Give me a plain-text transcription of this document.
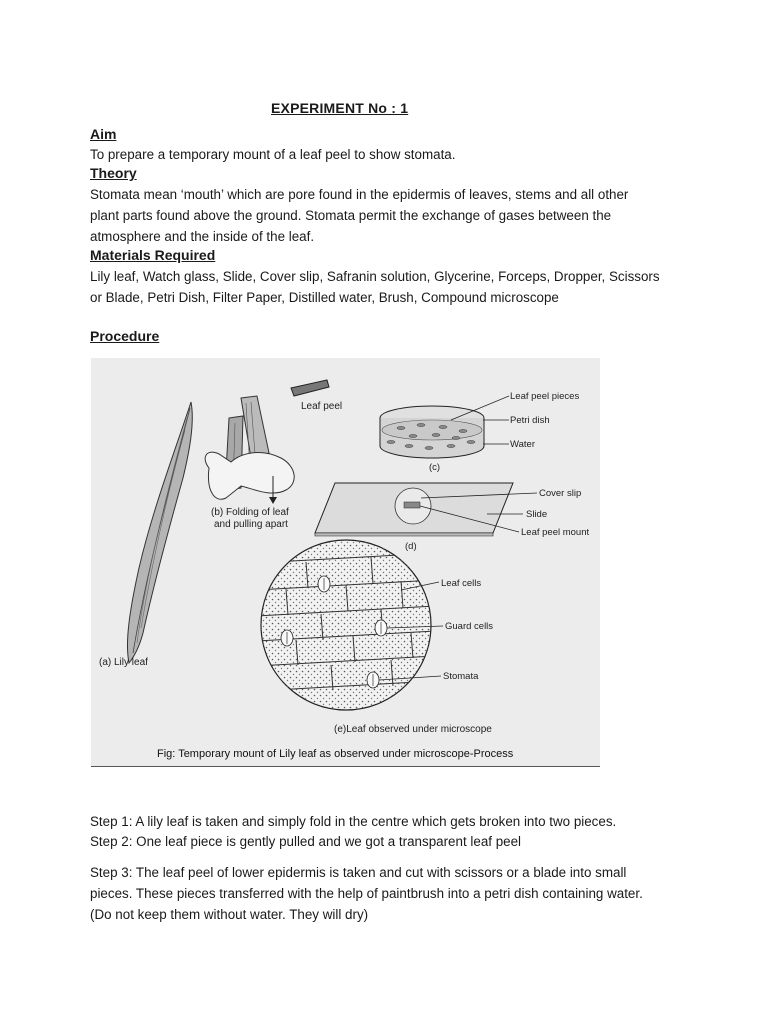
EXPERIMENT No : 1
Aim
To prepare a temporary mount of a leaf peel to show stomata.
Theory
Stomata mean ‘mouth’ which are pore found in the epidermis of leaves, stems and all other
plant parts found above the ground. Stomata permit the exchange of gases between the
atmosphere and the inside of the leaf.
Materials Required
Lily leaf, Watch glass, Slide, Cover slip, Safranin solution, Glycerine, Forceps, Dropper, Scissors
or Blade, Petri Dish, Filter Paper, Distilled water, Brush, Compound microscope
Procedure
(a) Lily leaf
(b) Folding of leaf
and pulling apart
Leaf peel
Leaf peel pieces
Petri dish
Water
(c)
Cover slip
Slide
Leaf peel mount
(d)
Leaf cells
Guard cells
Stomata
(e)Leaf observed under microscope
Fig: Temporary mount of Lily leaf as observed under microscope-Process
Step 1: A lily leaf is taken and simply fold in the centre which gets broken into two pieces.
Step 2: One leaf piece is gently pulled and we got a transparent leaf peel
Step 3: The leaf peel of lower epidermis is taken and cut with scissors or a blade into small
pieces. These pieces transferred with the help of paintbrush into a petri dish containing water.
(Do not keep them without water. They will dry)
